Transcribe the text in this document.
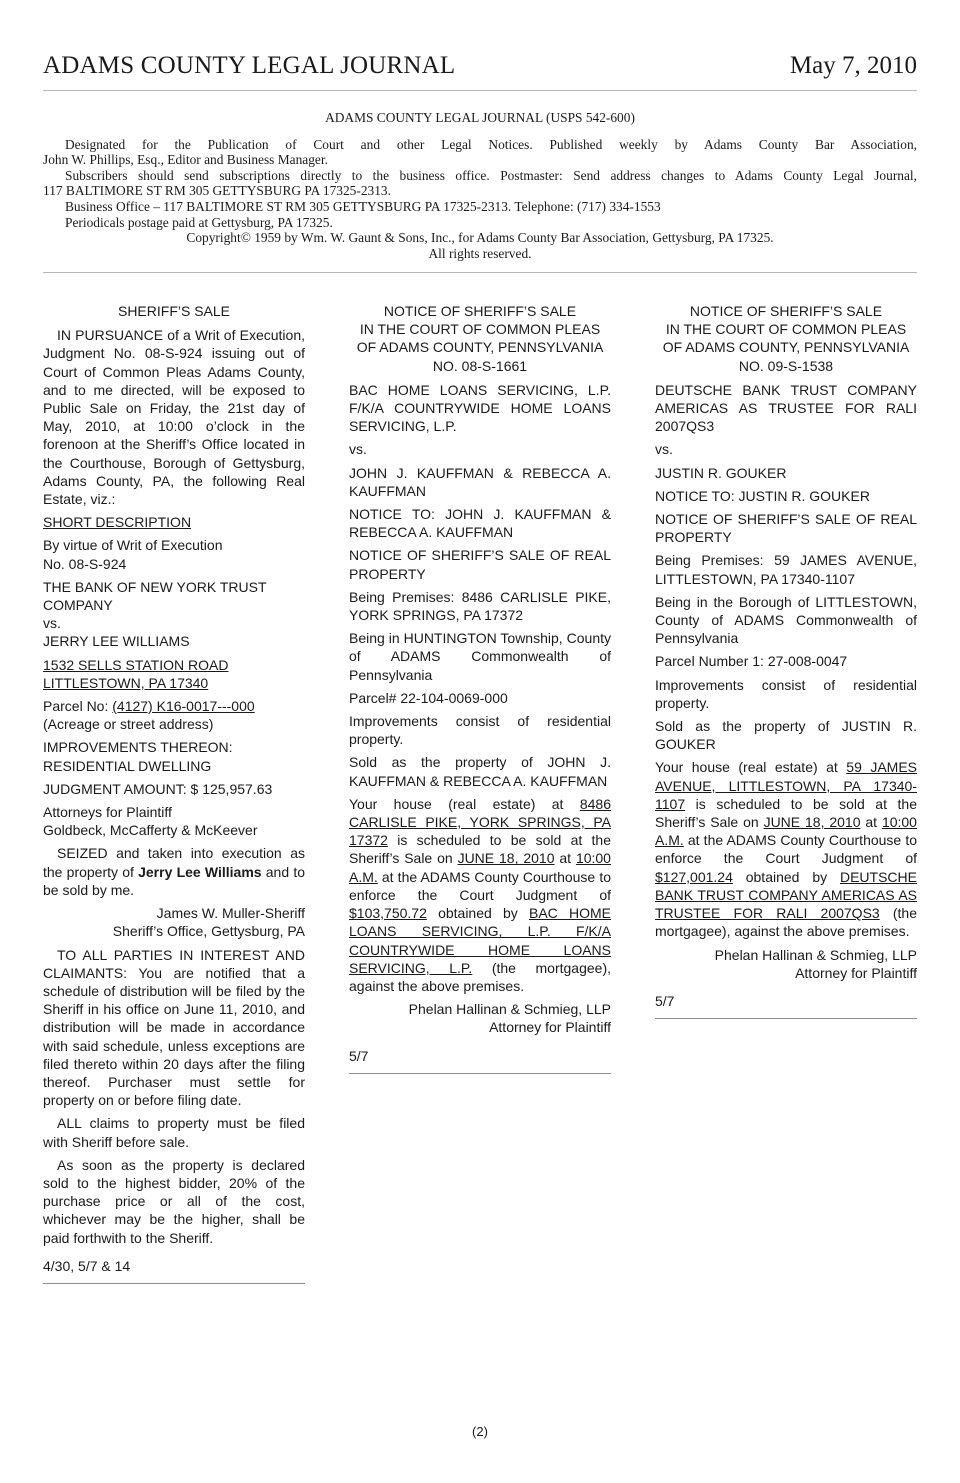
ADAMS COUNTY LEGAL JOURNAL	May 7, 2010
ADAMS COUNTY LEGAL JOURNAL (USPS 542-600)

Designated for the Publication of Court and other Legal Notices. Published weekly by Adams County Bar Association,

John W. Phillips, Esq., Editor and Business Manager.

Subscribers should send subscriptions directly to the business office. Postmaster: Send address changes to Adams County Legal Journal,

117 BALTIMORE ST RM 305 GETTYSBURG PA 17325-2313.

Business Office – 117 BALTIMORE ST RM 305 GETTYSBURG PA 17325-2313. Telephone: (717) 334-1553

Periodicals postage paid at Gettysburg, PA 17325.

Copyright© 1959 by Wm. W. Gaunt & Sons, Inc., for Adams County Bar Association, Gettysburg, PA 17325.
All rights reserved.

SHERIFF’S SALE

IN PURSUANCE of a Writ of Execution, Judgment No. 08-S-924 issuing out of Court of Common Pleas Adams County, and to me directed, will be exposed to Public Sale on Friday, the 21st day of May, 2010, at 10:00 o’clock in the forenoon at the Sheriff’s Office located in the Courthouse, Borough of Gettysburg, Adams County, PA, the following Real Estate, viz.:

SHORT DESCRIPTION

By virtue of Writ of Execution
No. 08-S-924

THE BANK OF NEW YORK TRUST COMPANY
vs.
JERRY LEE WILLIAMS

1532 SELLS STATION ROAD
LITTLESTOWN, PA 17340

Parcel No: (4127) K16-0017---000
(Acreage or street address)

IMPROVEMENTS THEREON:
RESIDENTIAL DWELLING

JUDGMENT AMOUNT: $ 125,957.63

Attorneys for Plaintiff
Goldbeck, McCafferty & McKeever

SEIZED and taken into execution as the property of Jerry Lee Williams and to be sold by me.

James W. Muller-Sheriff
Sheriff’s Office, Gettysburg, PA

TO ALL PARTIES IN INTEREST AND CLAIMANTS: You are notified that a schedule of distribution will be filed by the Sheriff in his office on June 11, 2010, and distribution will be made in accordance with said schedule, unless exceptions are filed thereto within 20 days after the filing thereof. Purchaser must settle for property on or before filing date.

ALL claims to property must be filed with Sheriff before sale.

As soon as the property is declared sold to the highest bidder, 20% of the purchase price or all of the cost, whichever may be the higher, shall be paid forthwith to the Sheriff.

4/30, 5/7 & 14

NOTICE OF SHERIFF’S SALE
IN THE COURT OF COMMON PLEAS
OF ADAMS COUNTY, PENNSYLVANIA
NO. 08-S-1661

BAC HOME LOANS SERVICING, L.P. F/K/A COUNTRYWIDE HOME LOANS SERVICING, L.P.

vs.

JOHN J. KAUFFMAN & REBECCA A. KAUFFMAN

NOTICE TO: JOHN J. KAUFFMAN & REBECCA A. KAUFFMAN

NOTICE OF SHERIFF’S SALE OF REAL PROPERTY

Being Premises: 8486 CARLISLE PIKE, YORK SPRINGS, PA 17372

Being in HUNTINGTON Township, County of ADAMS Commonwealth of Pennsylvania

Parcel# 22-104-0069-000

Improvements consist of residential property.

Sold as the property of JOHN J. KAUFFMAN & REBECCA A. KAUFFMAN

Your house (real estate) at 8486 CARLISLE PIKE, YORK SPRINGS, PA 17372 is scheduled to be sold at the Sheriff’s Sale on JUNE 18, 2010 at 10:00 A.M. at the ADAMS County Courthouse to enforce the Court Judgment of $103,750.72 obtained by BAC HOME LOANS SERVICING, L.P. F/K/A COUNTRYWIDE HOME LOANS SERVICING, L.P. (the mortgagee), against the above premises.

Phelan Hallinan & Schmieg, LLP
Attorney for Plaintiff

5/7

NOTICE OF SHERIFF’S SALE
IN THE COURT OF COMMON PLEAS
OF ADAMS COUNTY, PENNSYLVANIA
NO. 09-S-1538

DEUTSCHE BANK TRUST COMPANY AMERICAS AS TRUSTEE FOR RALI 2007QS3

vs.

JUSTIN R. GOUKER

NOTICE TO: JUSTIN R. GOUKER

NOTICE OF SHERIFF’S SALE OF REAL PROPERTY

Being Premises: 59 JAMES AVENUE, LITTLESTOWN, PA 17340-1107

Being in the Borough of LITTLESTOWN, County of ADAMS Commonwealth of Pennsylvania

Parcel Number 1: 27-008-0047

Improvements consist of residential property.

Sold as the property of JUSTIN R. GOUKER

Your house (real estate) at 59 JAMES AVENUE, LITTLESTOWN, PA 17340-1107 is scheduled to be sold at the Sheriff’s Sale on JUNE 18, 2010 at 10:00 A.M. at the ADAMS County Courthouse to enforce the Court Judgment of $127,001.24 obtained by DEUTSCHE BANK TRUST COMPANY AMERICAS AS TRUSTEE FOR RALI 2007QS3 (the mortgagee), against the above premises.

Phelan Hallinan & Schmieg, LLP
Attorney for Plaintiff

5/7

(2)
